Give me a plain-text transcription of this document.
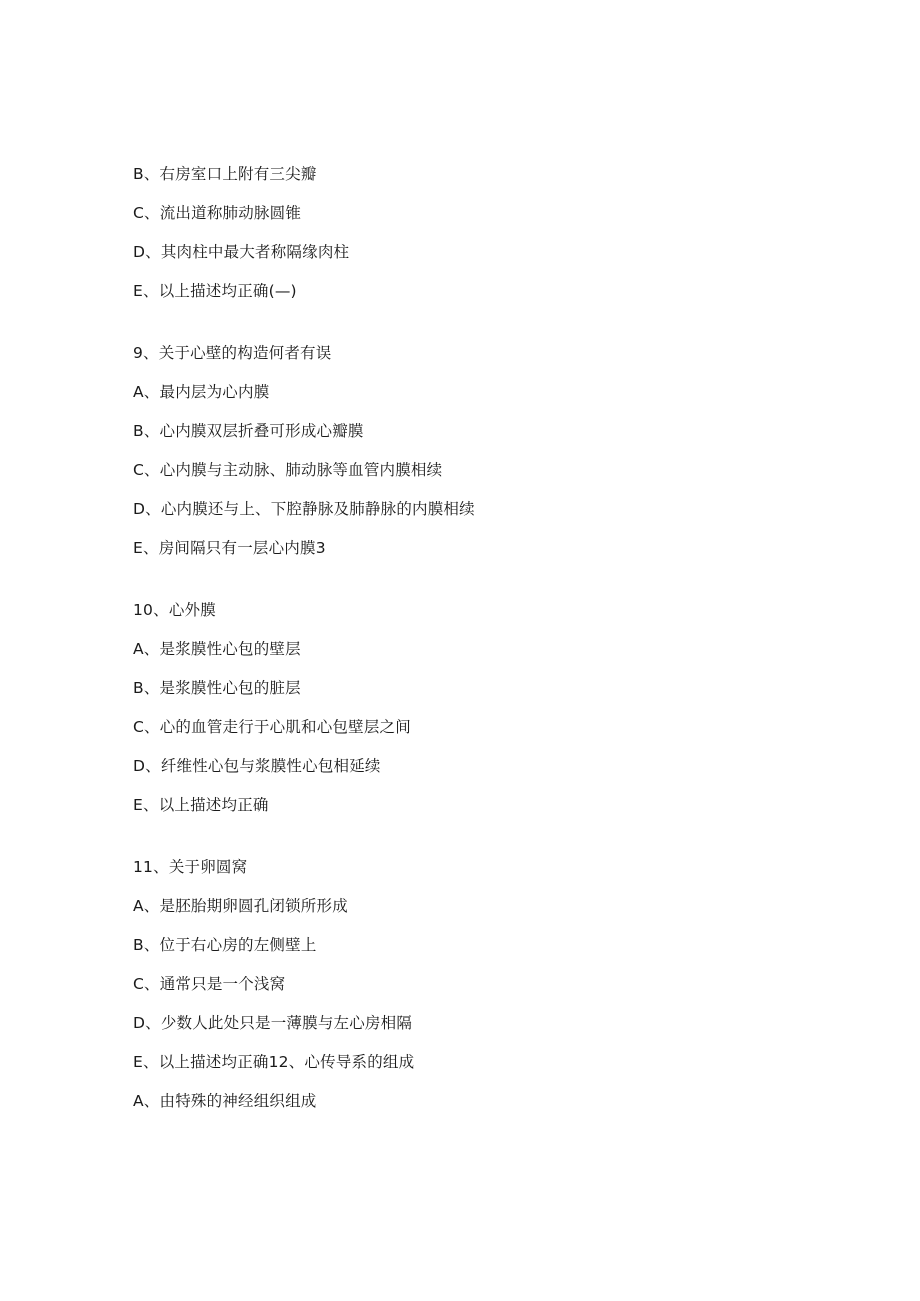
B、右房室口上附有三尖瓣
C、流出道称肺动脉圆锥
D、其肉柱中最大者称隔缘肉柱
E、以上描述均正确(—)
9、关于心壁的构造何者有误
A、最内层为心内膜
B、心内膜双层折叠可形成心瓣膜
C、心内膜与主动脉、肺动脉等血管内膜相续
D、心内膜还与上、下腔静脉及肺静脉的内膜相续
E、房间隔只有一层心内膜3
10、心外膜
A、是浆膜性心包的壁层
B、是浆膜性心包的脏层
C、心的血管走行于心肌和心包壁层之间
D、纤维性心包与浆膜性心包相延续
E、以上描述均正确
11、关于卵圆窝
A、是胚胎期卵圆孔闭锁所形成
B、位于右心房的左侧壁上
C、通常只是一个浅窝
D、少数人此处只是一薄膜与左心房相隔
E、以上描述均正确12、心传导系的组成
A、由特殊的神经组织组成
